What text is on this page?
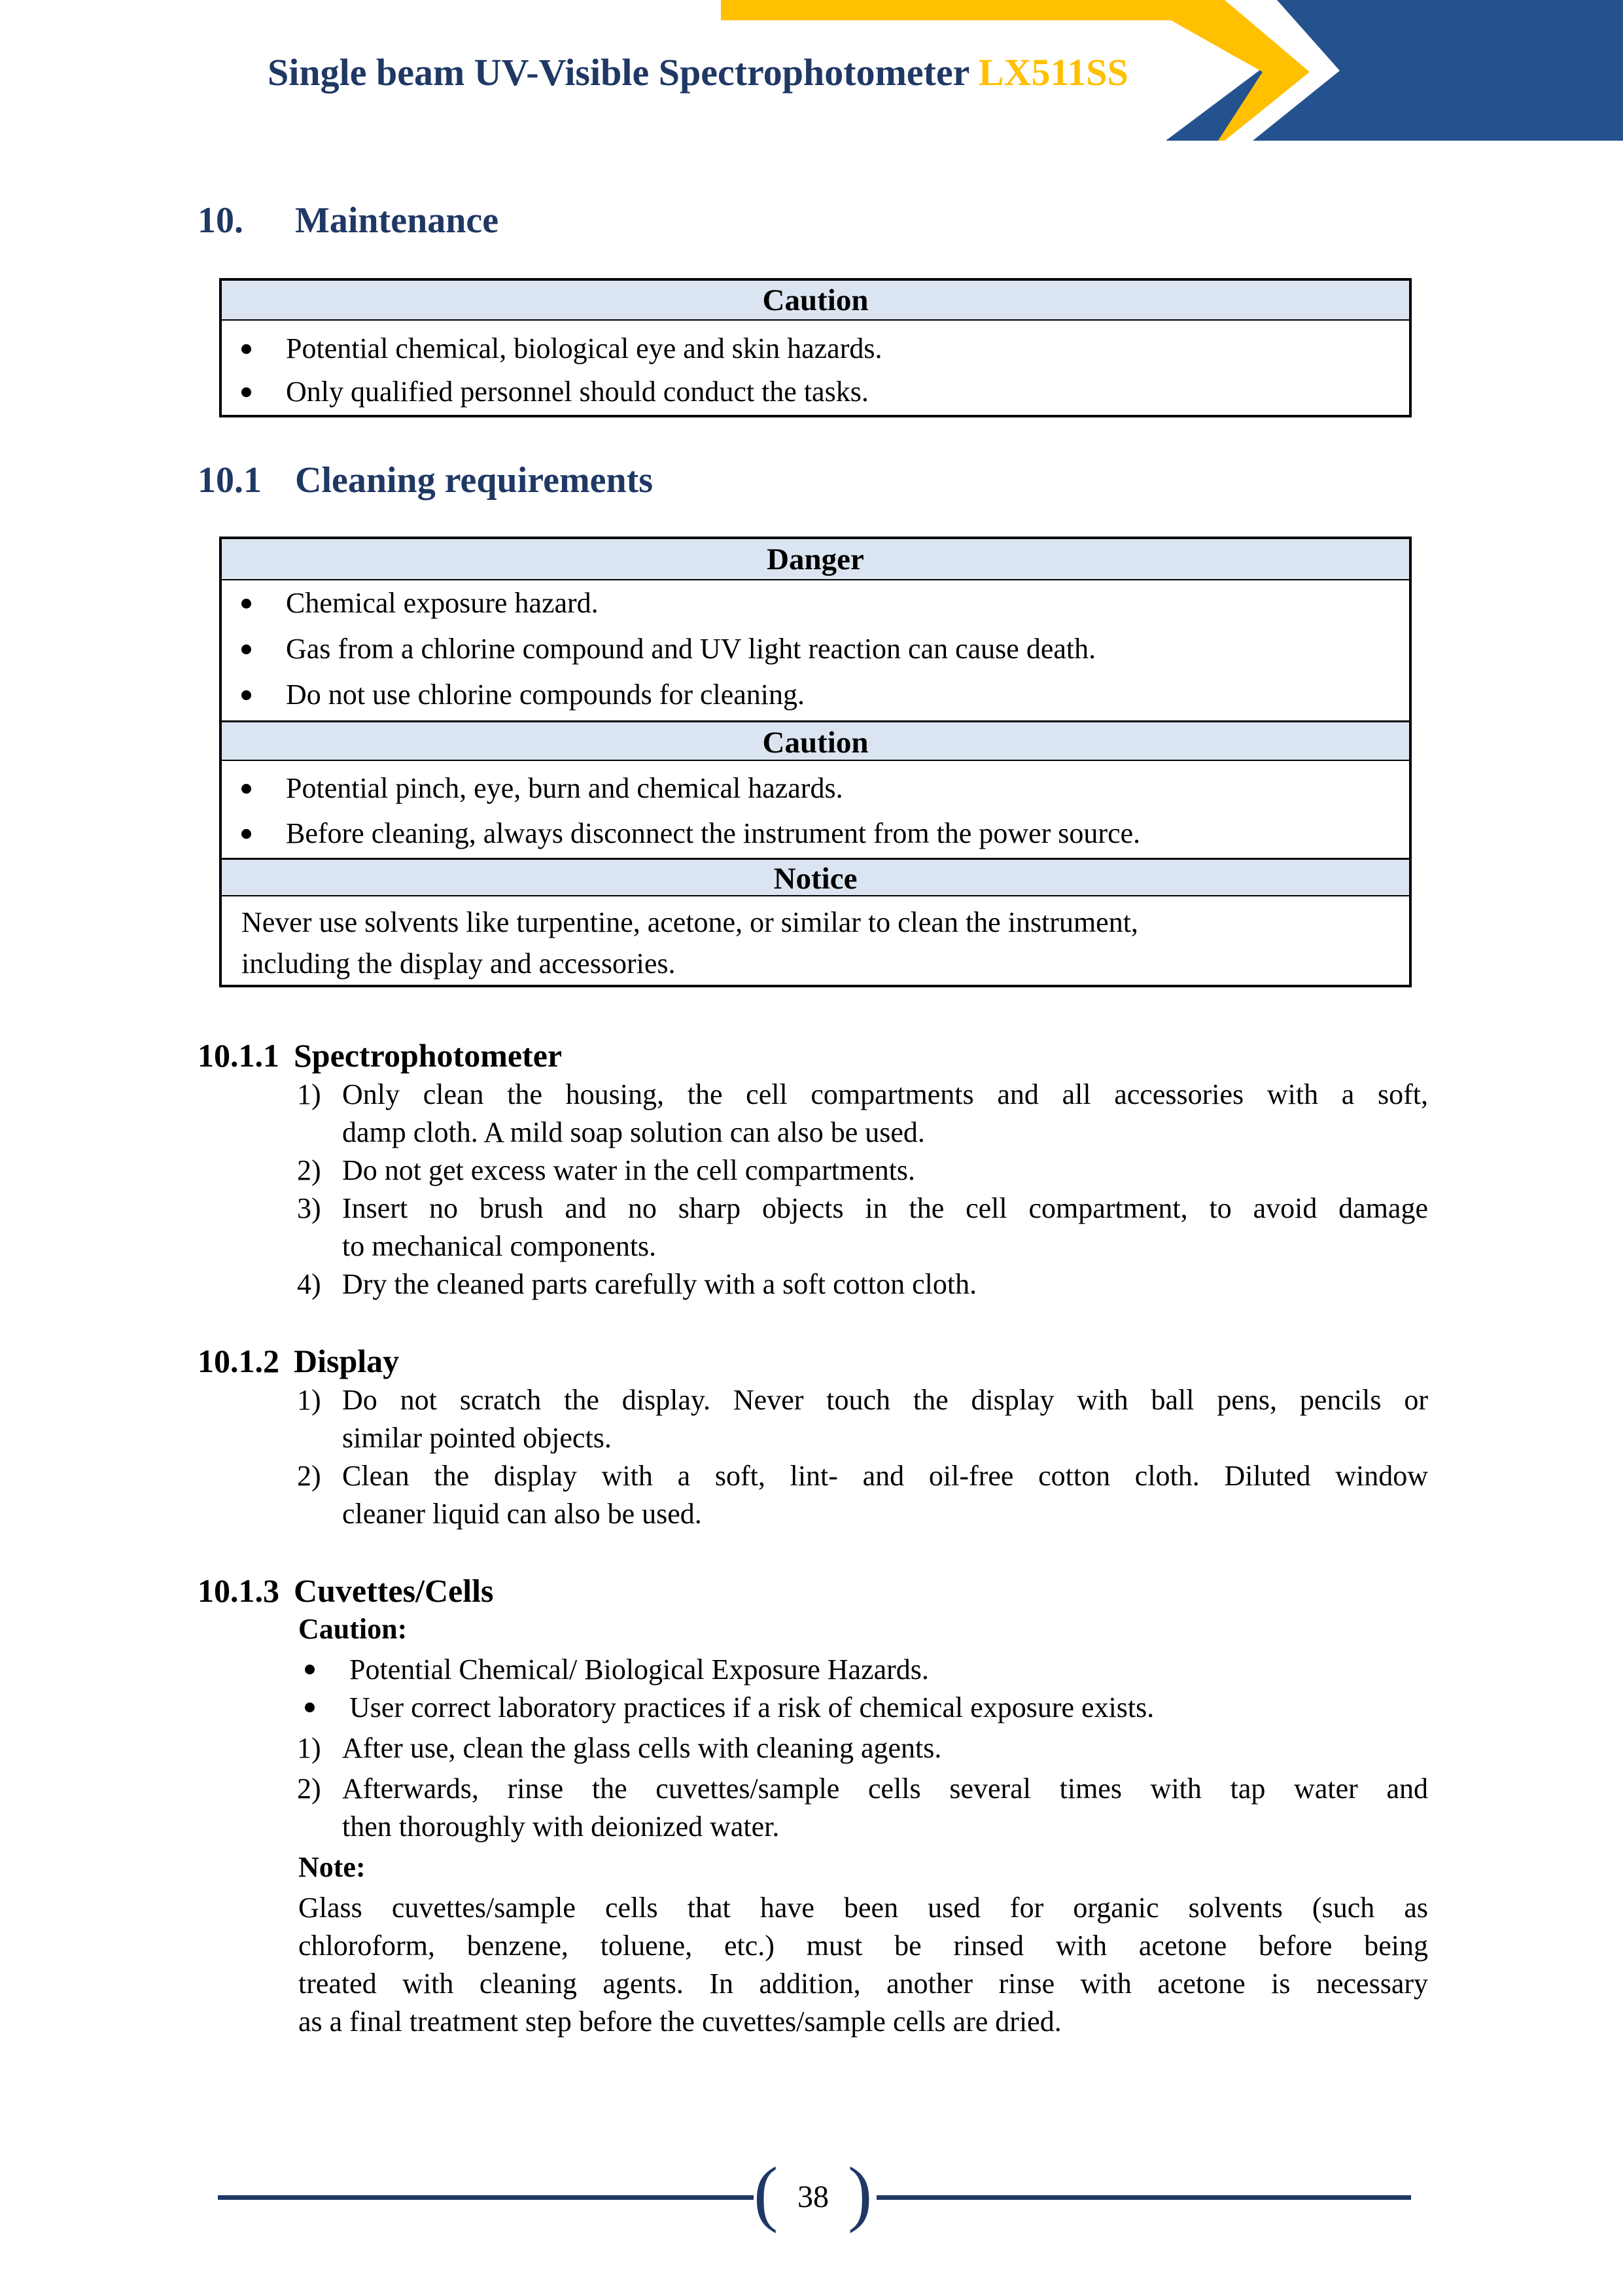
Single beam UV-Visible Spectrophotometer LX511SS
10. Maintenance
Caution
Potential chemical, biological eye and skin hazards.
Only qualified personnel should conduct the tasks.
10.1 Cleaning requirements
Danger
Chemical exposure hazard.
Gas from a chlorine compound and UV light reaction can cause death.
Do not use chlorine compounds for cleaning.
Caution
Potential pinch, eye, burn and chemical hazards.
Before cleaning, always disconnect the instrument from the power source.
Notice
Never use solvents like turpentine, acetone, or similar to clean the instrument,
including the display and accessories.
10.1.1 Spectrophotometer
1) Only clean the housing, the cell compartments and all accessories with a soft,
damp cloth. A mild soap solution can also be used.
2) Do not get excess water in the cell compartments.
3) Insert no brush and no sharp objects in the cell compartment, to avoid damage
to mechanical components.
4) Dry the cleaned parts carefully with a soft cotton cloth.
10.1.2 Display
1) Do not scratch the display. Never touch the display with ball pens, pencils or
similar pointed objects.
2) Clean the display with a soft, lint- and oil-free cotton cloth. Diluted window
cleaner liquid can also be used.
10.1.3 Cuvettes/Cells
Caution:
Potential Chemical/ Biological Exposure Hazards.
User correct laboratory practices if a risk of chemical exposure exists.
1) After use, clean the glass cells with cleaning agents.
2) Afterwards, rinse the cuvettes/sample cells several times with tap water and
then thoroughly with deionized water.
Note:
Glass cuvettes/sample cells that have been used for organic solvents (such as
chloroform, benzene, toluene, etc.) must be rinsed with acetone before being
treated with cleaning agents. In addition, another rinse with acetone is necessary
as a final treatment step before the cuvettes/sample cells are dried.
( )
38
